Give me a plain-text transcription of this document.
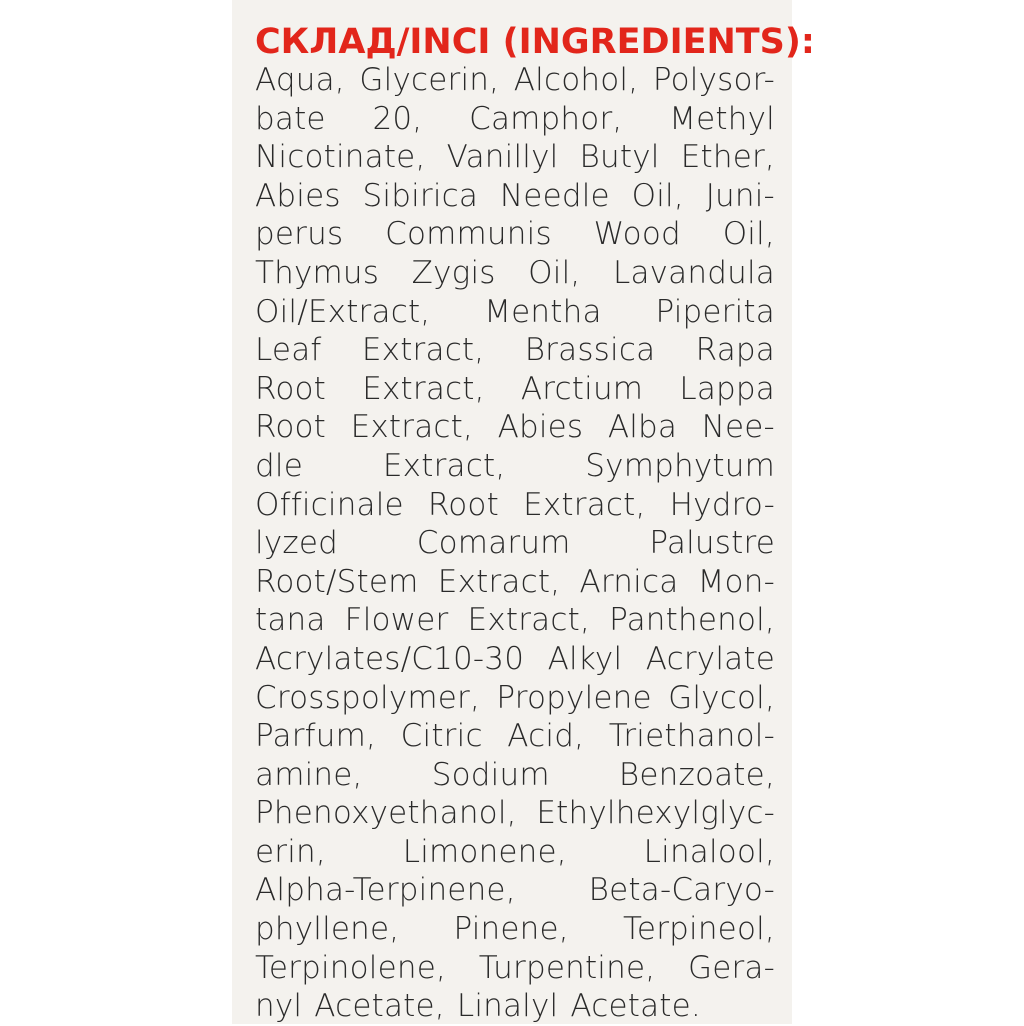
СКЛАД/INCI (INGREDIENTS):
Aqua, Glycerin, Alcohol, Polysor-
bate 20, Camphor, Methyl
Nicotinate, Vanillyl Butyl Ether,
Abies Sibirica Needle Oil, Juni-
perus Communis Wood Oil,
Thymus Zygis Oil, Lavandula
Oil/Extract, Mentha Piperita
Leaf Extract, Brassica Rapa
Root Extract, Arctium Lappa
Root Extract, Abies Alba Nee-
dle	Extract,	Symphytum
Officinale Root Extract, Hydro-
lyzed	Comarum	Palustre
Root/Stem Extract, Arnica Mon-
tana Flower Extract, Panthenol,
Acrylates/C10-30 Alkyl Acrylate
Crosspolymer, Propylene Glycol,
Parfum, Citric Acid, Triethanol-
amine, Sodium Benzoate,
Phenoxyethanol, Ethylhexylglyc-
erin, Limonene, Linalool,
Alpha-Terpinene, Beta-Caryo-
phyllene, Pinene, Terpineol,
Terpinolene, Turpentine, Gera-
nyl Acetate, Linalyl Acetate.
